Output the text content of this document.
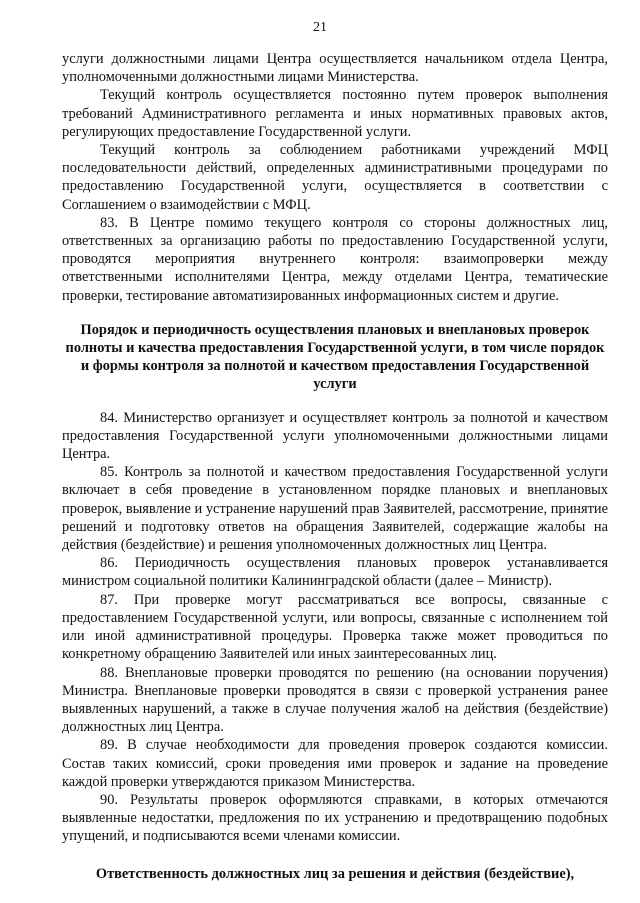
21

услуги должностными лицами Центра осуществляется начальником отдела Центра, уполномоченными должностными лицами Министерства.

Текущий контроль осуществляется постоянно путем проверок выполнения требований Административного регламента и иных нормативных правовых актов, регулирующих предоставление Государственной услуги.

Текущий контроль за соблюдением работниками учреждений МФЦ последовательности действий, определенных административными процедурами по предоставлению Государственной услуги, осуществляется в соответствии с Соглашением о взаимодействии с МФЦ.

83. В Центре помимо текущего контроля со стороны должностных лиц, ответственных за организацию работы по предоставлению Государственной услуги, проводятся мероприятия внутреннего контроля: взаимопроверки между ответственными исполнителями Центра, между отделами Центра, тематические проверки, тестирование автоматизированных информационных систем и другие.

Порядок и периодичность осуществления плановых и внеплановых проверок полноты и качества предоставления Государственной услуги, в том числе порядок и формы контроля за полнотой и качеством предоставления Государственной услуги

84. Министерство организует и осуществляет контроль за полнотой и качеством предоставления Государственной услуги уполномоченными должностными лицами Центра.

85. Контроль за полнотой и качеством предоставления Государственной услуги включает в себя проведение в установленном порядке плановых и внеплановых проверок, выявление и устранение нарушений прав Заявителей, рассмотрение, принятие решений и подготовку ответов на обращения Заявителей, содержащие жалобы на действия (бездействие) и решения уполномоченных должностных лиц Центра.

86. Периодичность осуществления плановых проверок устанавливается министром социальной политики Калининградской области (далее – Министр).

87. При проверке могут рассматриваться все вопросы, связанные с предоставлением Государственной услуги, или вопросы, связанные с исполнением той или иной административной процедуры. Проверка также может проводиться по конкретному обращению Заявителей или иных заинтересованных лиц.

88. Внеплановые проверки проводятся по решению (на основании поручения) Министра. Внеплановые проверки проводятся в связи с проверкой устранения ранее выявленных нарушений, а также в случае получения жалоб на действия (бездействие) должностных лиц Центра.

89. В случае необходимости для проведения проверок создаются комиссии. Состав таких комиссий, сроки проведения ими проверок и задание на проведение каждой проверки утверждаются приказом Министерства.

90. Результаты проверок оформляются справками, в которых отмечаются выявленные недостатки, предложения по их устранению и предотвращению подобных упущений, и подписываются всеми членами комиссии.

Ответственность должностных лиц за решения и действия (бездействие),
